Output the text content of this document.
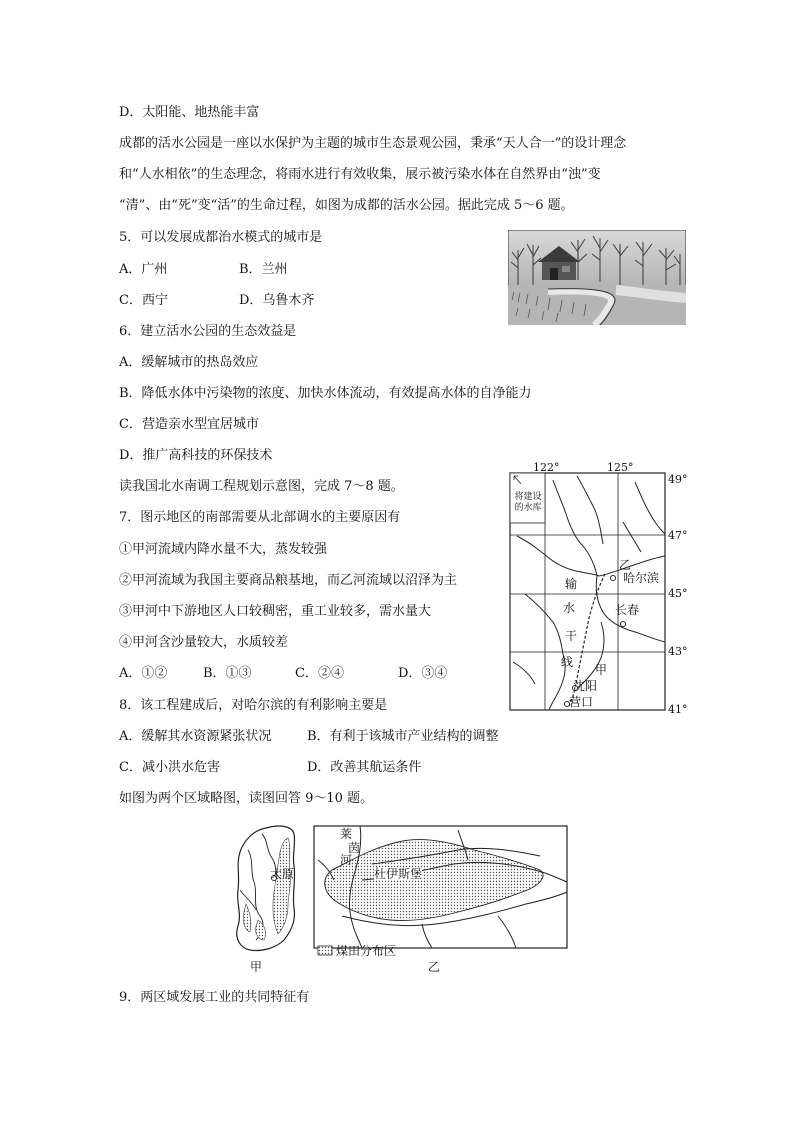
D．太阳能、地热能丰富
成都的活水公园是一座以水保护为主题的城市生态景观公园，秉承“天人合一”的设计理念
和“人水相依”的生态理念，将雨水进行有效收集，展示被污染水体在自然界由“浊”变
“清”、由“死”变“活”的生命过程，如图为成都的活水公园。据此完成 5～6 题。
5．可以发展成都治水模式的城市是
A．广州	B．兰州
C．西宁	D．乌鲁木齐
6．建立活水公园的生态效益是
A．缓解城市的热岛效应
B．降低水体中污染物的浓度、加快水体流动，有效提高水体的自净能力
C．营造亲水型宜居城市
D．推广高科技的环保技术
读我国北水南调工程规划示意图，完成 7～8 题。
7．图示地区的南部需要从北部调水的主要原因有
①甲河流域内降水量不大，蒸发较强
②甲河流域为我国主要商品粮基地，而乙河流域以沼泽为主
③甲河中下游地区人口较稠密，重工业较多，需水量大
④甲河含沙量较大，水质较差
A．①②	B．①③	C．②④	D．③④
8．该工程建成后，对哈尔滨的有利影响主要是
A．缓解其水资源紧张状况	B．有利于该城市产业结构的调整
C．减小洪水危害	D．改善其航运条件
如图为两个区域略图，读图回答 9～10 题。
9．两区域发展工业的共同特征有
122°	125°
49°
47°
45°
43°
41°
将建设的水库
乙
哈尔滨
长春
甲
沈阳
营口
输
水
干
线
太原
莱
茵
河
杜伊斯堡
煤田分布区
甲	乙
